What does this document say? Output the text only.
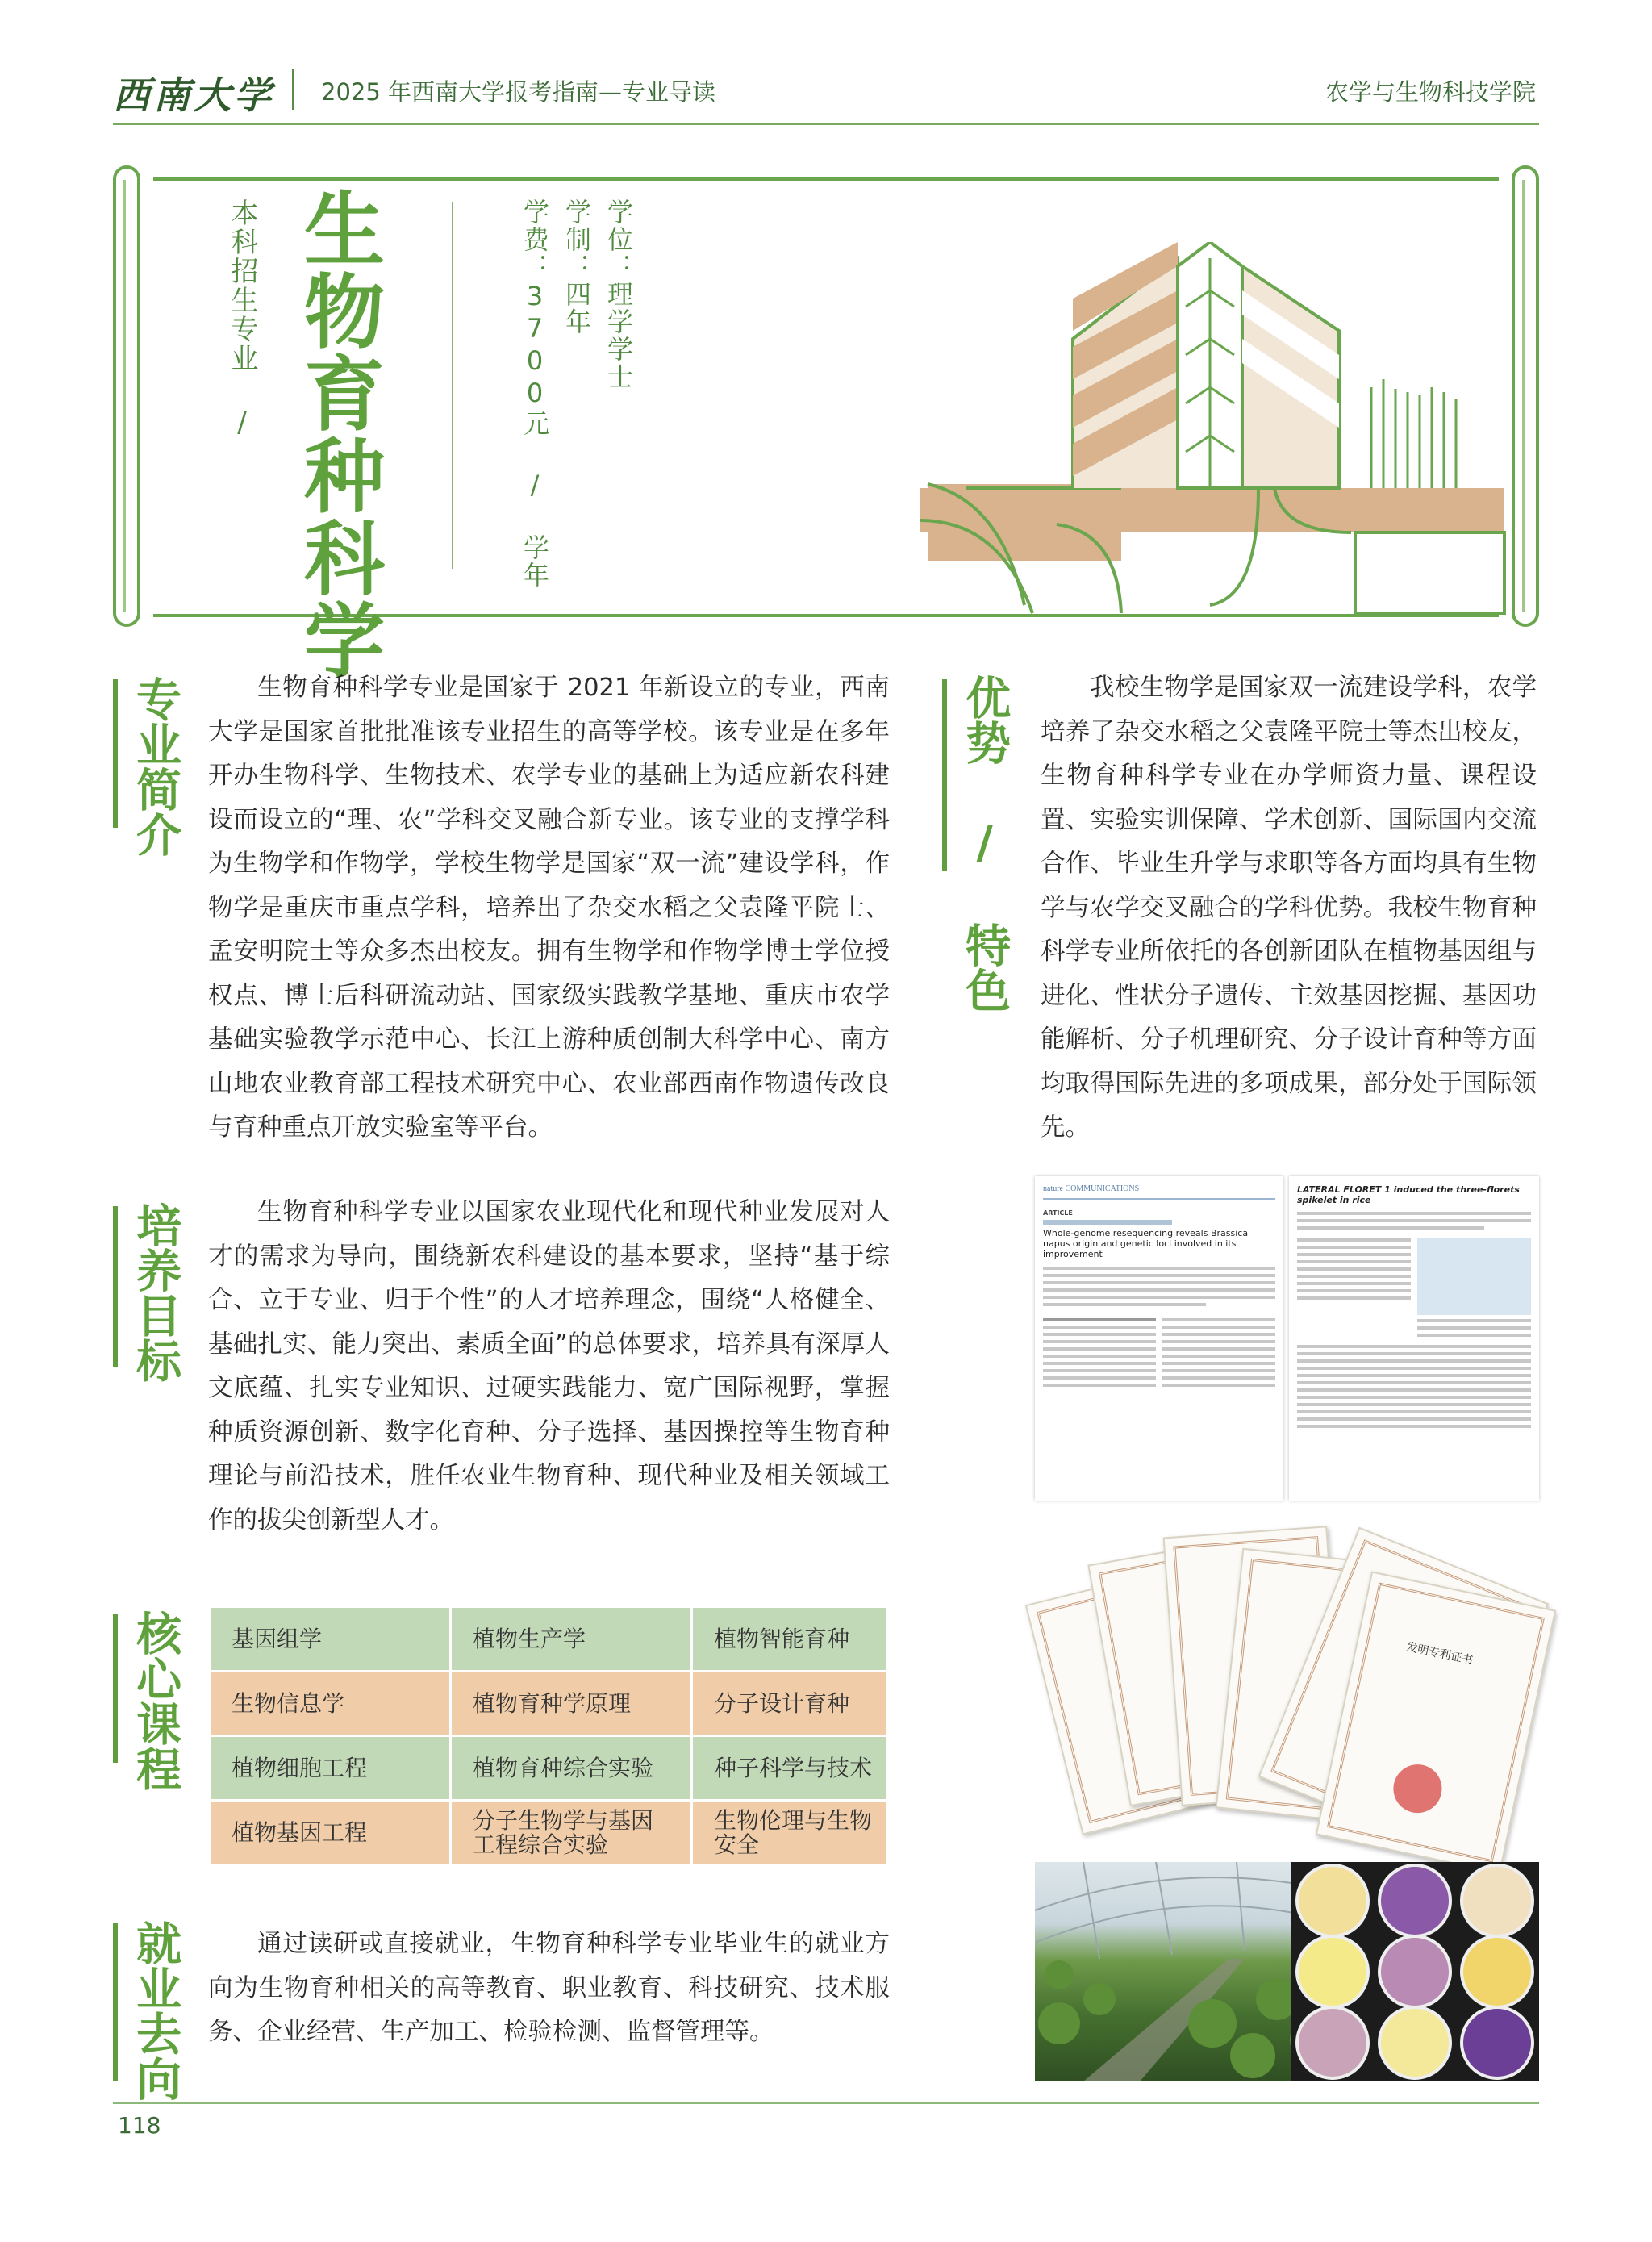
西南大学 2025 年西南大学报考指南—专业导读	农学与生物科技学院
本科招生专业 / 生物育种科学	学费：3700元 / 学年 学制：四年 学位：理学学士
专业简介	生物育种科学专业是国家于 2021 年新设立的专业，西南大学是国家首批批准该专业招生的高等学校。该专业是在多年开办生物科学、生物技术、农学专业的基础上为适应新农科建设而设立的“理、农”学科交叉融合新专业。该专业的支撑学科为生物学和作物学，学校生物学是国家“双一流”建设学科，作物学是重庆市重点学科，培养出了杂交水稻之父袁隆平院士、孟安明院士等众多杰出校友。拥有生物学和作物学博士学位授权点、博士后科研流动站、国家级实践教学基地、重庆市农学基础实验教学示范中心、长江上游种质创制大科学中心、南方山地农业教育部工程技术研究中心、农业部西南作物遗传改良与育种重点开放实验室等平台。

培养目标	生物育种科学专业以国家农业现代化和现代种业发展对人才的需求为导向，围绕新农科建设的基本要求，坚持“基于综合、立于专业、归于个性”的人才培养理念，围绕“人格健全、基础扎实、能力突出、素质全面”的总体要求，培养具有深厚人文底蕴、扎实专业知识、过硬实践能力、宽广国际视野，掌握种质资源创新、数字化育种、分子选择、基因操控等生物育种理论与前沿技术，胜任农业生物育种、现代种业及相关领域工作的拔尖创新型人才。

核心课程 基因组学	植物生产学	植物智能育种
生物信息学	植物育种学原理	分子设计育种
植物细胞工程	植物育种综合实验	种子科学与技术
植物基因工程	分子生物学与基因工程综合实验	生物伦理与生物安全
就业去向	通过读研或直接就业，生物育种科学专业毕业生的就业方向为生物育种相关的高等教育、职业教育、科技研究、技术服务、企业经营、生产加工、检验检测、监督管理等。

优势 / 特色	我校生物学是国家双一流建设学科，农学培养了杂交水稻之父袁隆平院士等杰出校友，生物育种科学专业在办学师资力量、课程设置、实验实训保障、学术创新、国际国内交流合作、毕业生升学与求职等各方面均具有生物学与农学交叉融合的学科优势。我校生物育种科学专业所依托的各创新团队在植物基因组与进化、性状分子遗传、主效基因挖掘、基因功能解析、分子机理研究、分子设计育种等方面均取得国际先进的多项成果，部分处于国际领先。

nature COMMUNICATIONS
ARTICLE
Whole-genome resequencing reveals Brassica napus origin and genetic loci involved in its improvement
LATERAL FLORET 1 induced the three-florets spikelet in rice
发明专利证书
118
